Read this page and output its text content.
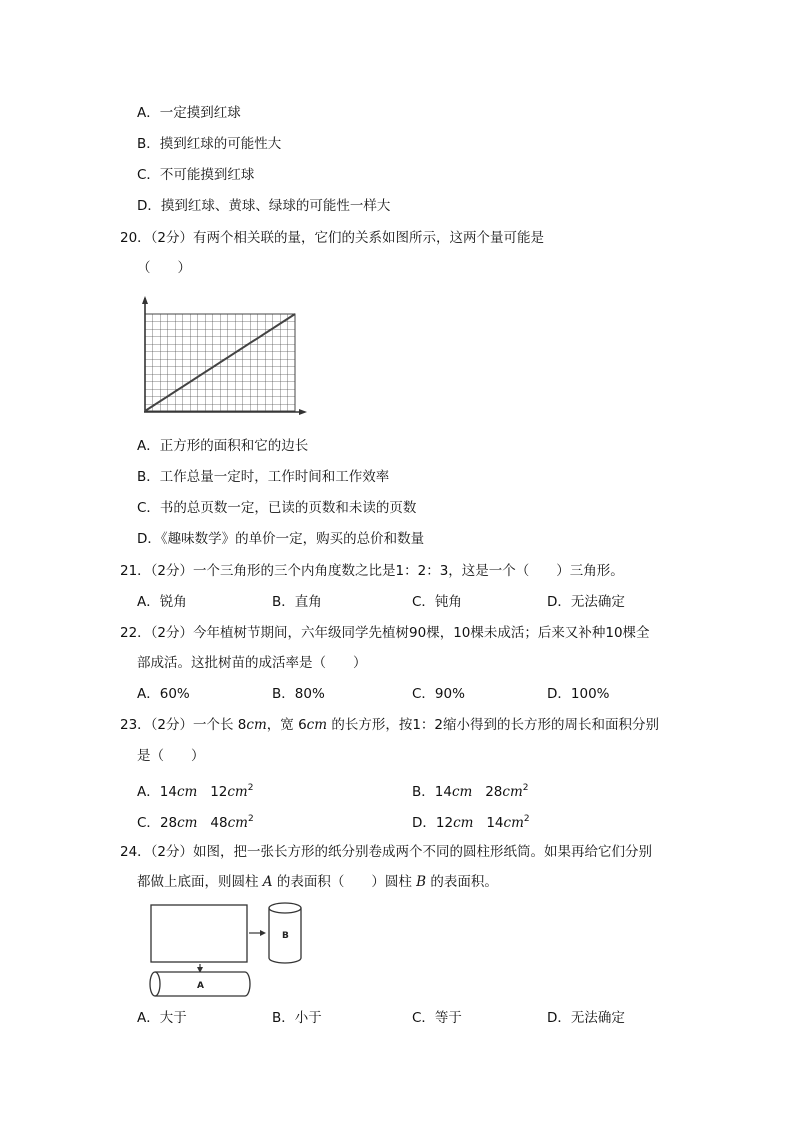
A．一定摸到红球
B．摸到红球的可能性大
C．不可能摸到红球
D．摸到红球、黄球、绿球的可能性一样大
20．（2分）有两个相关联的量，它们的关系如图所示，这两个量可能是
（　　）
A．正方形的面积和它的边长
B．工作总量一定时，工作时间和工作效率
C．书的总页数一定，已读的页数和未读的页数
D．《趣味数学》的单价一定，购买的总价和数量
21．（2分）一个三角形的三个内角度数之比是1：2：3，这是一个（　　）三角形。
A．锐角	B．直角	C．钝角	D．无法确定
22．（2分）今年植树节期间，六年级同学先植树90棵，10棵未成活；后来又补种10棵全
部成活。这批树苗的成活率是（　　）
A．60%	B．80%	C．90%	D．100%
23．（2分）一个长 8cm，宽 6cm 的长方形，按1：2缩小得到的长方形的周长和面积分别
是（　　）
A．14cm $12cm^2$	B．14cm $28cm^2$
C．28cm $48cm^2$	D．12cm $14cm^2$
24．（2分）如图，把一张长方形的纸分别卷成两个不同的圆柱形纸筒。如果再给它们分别
都做上底面，则圆柱 A 的表面积（　　）圆柱 B 的表面积。
B
A
A．大于	B．小于	C．等于	D．无法确定
